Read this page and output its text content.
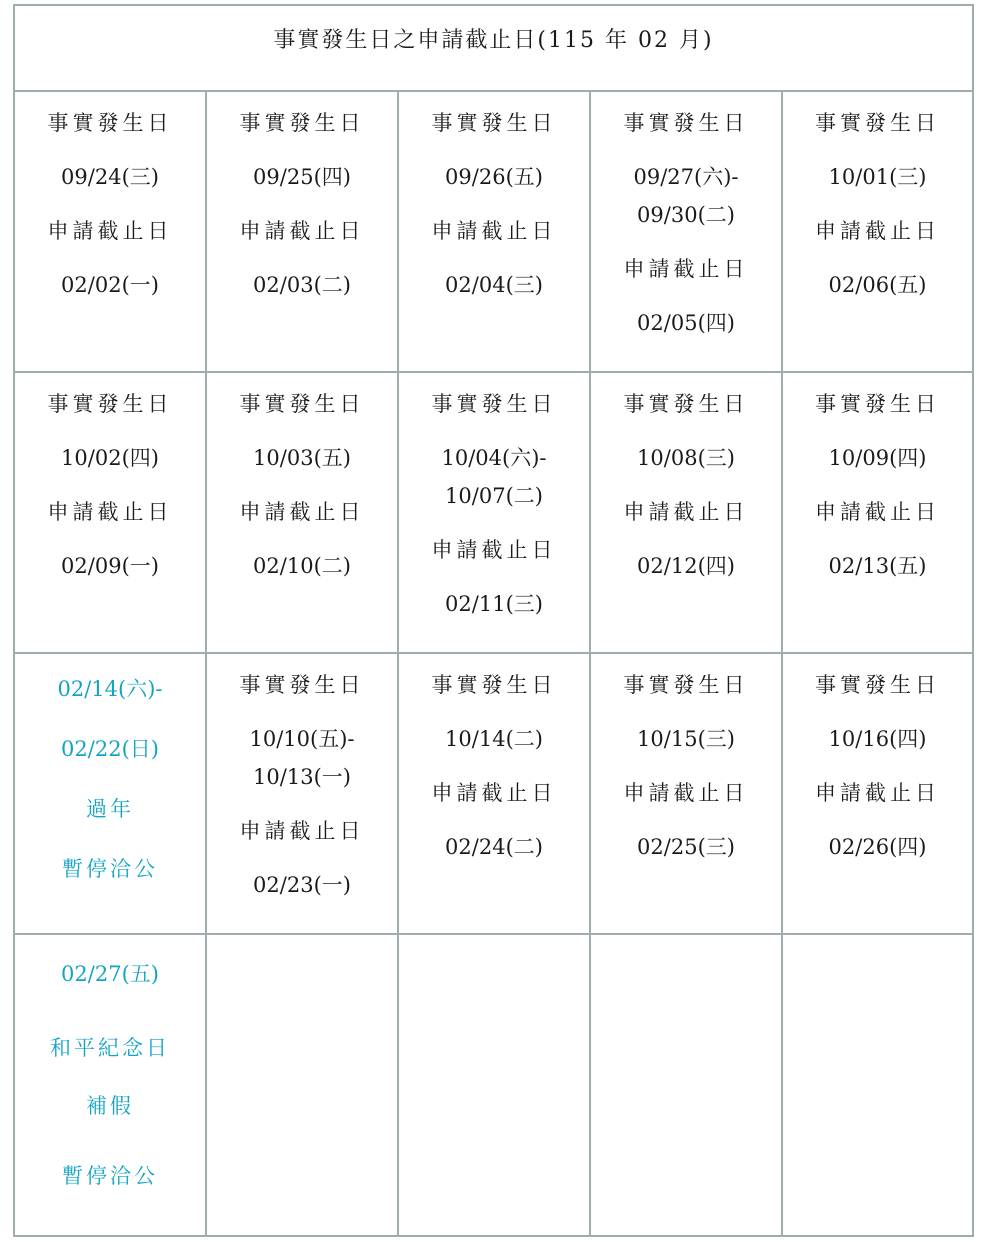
事實發生日之申請截止日(115 年 02 月)
事實發生日
09/24(三)
申請截止日
02/02(一)
事實發生日
09/25(四)
申請截止日
02/03(二)
事實發生日
09/26(五)
申請截止日
02/04(三)
事實發生日
09/27(六)-
09/30(二)
申請截止日
02/05(四)
事實發生日
10/01(三)
申請截止日
02/06(五)
事實發生日
10/02(四)
申請截止日
02/09(一)
事實發生日
10/03(五)
申請截止日
02/10(二)
事實發生日
10/04(六)-
10/07(二)
申請截止日
02/11(三)
事實發生日
10/08(三)
申請截止日
02/12(四)
事實發生日
10/09(四)
申請截止日
02/13(五)
02/14(六)-
02/22(日)
過年
暫停洽公
事實發生日
10/10(五)-
10/13(一)
申請截止日
02/23(一)
事實發生日
10/14(二)
申請截止日
02/24(二)
事實發生日
10/15(三)
申請截止日
02/25(三)
事實發生日
10/16(四)
申請截止日
02/26(四)
02/27(五)
和平紀念日
補假
暫停洽公
